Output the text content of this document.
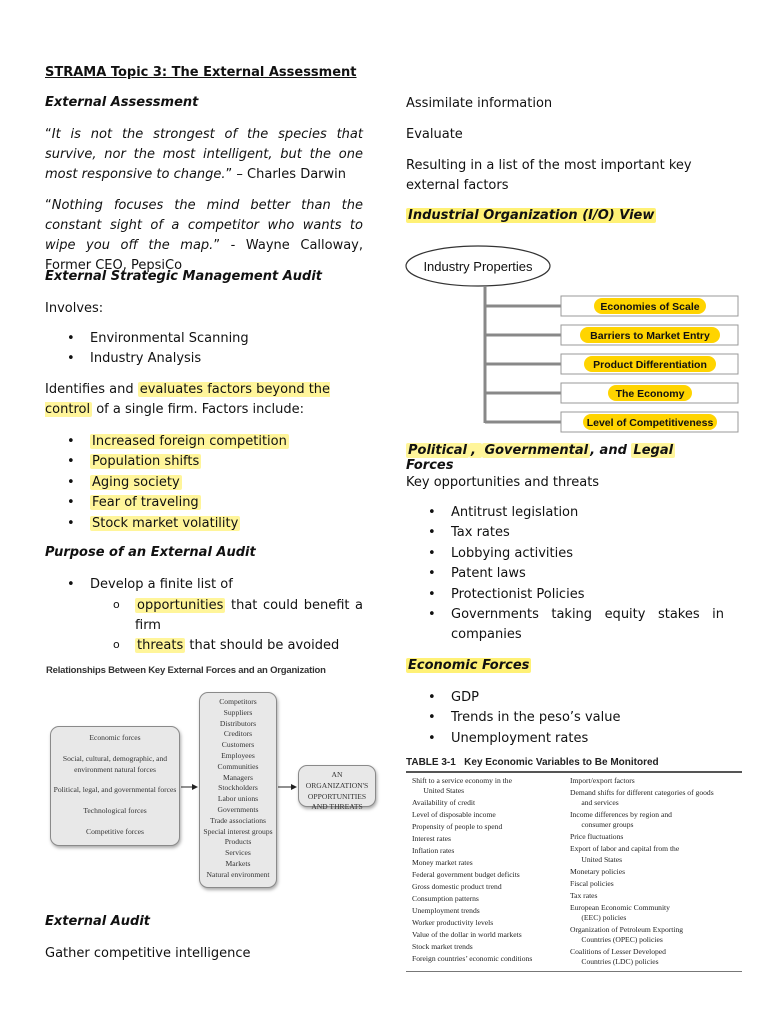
STRAMA Topic 3: The External Assessment
External Assessment
“It is not the strongest of the species that survive, nor the most intelligent, but the one most responsive to change.” – Charles Darwin
“Nothing focuses the mind better than the constant sight of a competitor who wants to wipe you off the map.” - Wayne Calloway, Former CEO, PepsiCo
External Strategic Management Audit
Involves:
• Environmental Scanning
• Industry Analysis
Identifies and evaluates factors beyond the control of a single firm. Factors include:
• Increased foreign competition
• Population shifts
• Aging society
• Fear of traveling
• Stock market volatility
Purpose of an External Audit
• Develop a finite list of
o opportunities that could benefit a firm
o threats that should be avoided
External Audit
Gather competitive intelligence
Relationships Between Key External Forces and an Organization
Economic forces
Social, cultural, demographic, and environment natural forces
Political, legal, and governmental forces
Technological forces
Competitive forces
Competitors
Suppliers
Distributors
Creditors
Customers
Employees
Communities
Managers
Stockholders
Labor unions
Governments
Trade associations
Special interest groups
Products
Services
Markets
Natural environment
AN ORGANIZATION'S OPPORTUNITIES AND THREATS
Assimilate information
Evaluate
Resulting in a list of the most important key external factors
Industrial Organization (I/O) View
Political , Governmental , and Legal Forces
Key opportunities and threats
• Antitrust legislation
• Tax rates
• Lobbying activities
• Patent laws
• Protectionist Policies
• Governments taking equity stakes in companies
Economic Forces
• GDP
• Trends in the peso’s value
• Unemployment rates
Industry Properties
Economies of Scale
Barriers to Market Entry
Product Differentiation
The Economy
Level of Competitiveness
TABLE 3-1   Key Economic Variables to Be Monitored
Shift to a service economy in the
United States
Availability of credit
Level of disposable income
Propensity of people to spend
Interest rates
Inflation rates
Money market rates
Federal government budget deficits
Gross domestic product trend
Consumption patterns
Unemployment trends
Worker productivity levels
Value of the dollar in world markets
Stock market trends
Foreign countries’ economic conditions
Import/export factors
Demand shifts for different categories of goods
and services
Income differences by region and
consumer groups
Price fluctuations
Export of labor and capital from the
United States
Monetary policies
Fiscal policies
Tax rates
European Economic Community
(EEC) policies
Organization of Petroleum Exporting
Countries (OPEC) policies
Coalitions of Lesser Developed
Countries (LDC) policies
